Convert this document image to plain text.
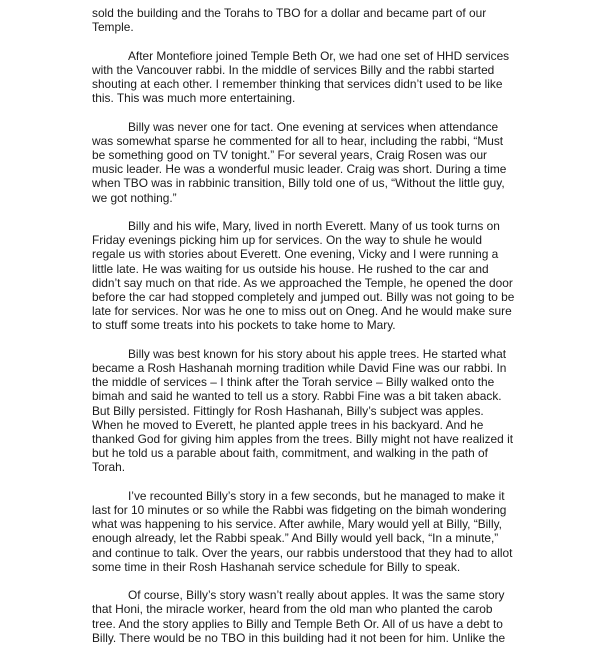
sold the building and the Torahs to TBO for a dollar and became part of our Temple.

After Montefiore joined Temple Beth Or, we had one set of HHD services with the Vancouver rabbi. In the middle of services Billy and the rabbi started shouting at each other. I remember thinking that services didn’t used to be like this. This was much more entertaining.

Billy was never one for tact. One evening at services when attendance was somewhat sparse he commented for all to hear, including the rabbi, “Must be something good on TV tonight.” For several years, Craig Rosen was our music leader. He was a wonderful music leader. Craig was short. During a time when TBO was in rabbinic transition, Billy told one of us, “Without the little guy, we got nothing.”

Billy and his wife, Mary, lived in north Everett. Many of us took turns on Friday evenings picking him up for services. On the way to shule he would regale us with stories about Everett. One evening, Vicky and I were running a little late. He was waiting for us outside his house. He rushed to the car and didn’t say much on that ride. As we approached the Temple, he opened the door before the car had stopped completely and jumped out. Billy was not going to be late for services. Nor was he one to miss out on Oneg. And he would make sure to stuff some treats into his pockets to take home to Mary.

Billy was best known for his story about his apple trees. He started what became a Rosh Hashanah morning tradition while David Fine was our rabbi. In the middle of services – I think after the Torah service – Billy walked onto the bimah and said he wanted to tell us a story. Rabbi Fine was a bit taken aback. But Billy persisted. Fittingly for Rosh Hashanah, Billy’s subject was apples. When he moved to Everett, he planted apple trees in his backyard. And he thanked God for giving him apples from the trees. Billy might not have realized it but he told us a parable about faith, commitment, and walking in the path of Torah.

I’ve recounted Billy’s story in a few seconds, but he managed to make it last for 10 minutes or so while the Rabbi was fidgeting on the bimah wondering what was happening to his service. After awhile, Mary would yell at Billy, “Billy, enough already, let the Rabbi speak.” And Billy would yell back, “In a minute,” and continue to talk. Over the years, our rabbis understood that they had to allot some time in their Rosh Hashanah service schedule for Billy to speak.

Of course, Billy’s story wasn’t really about apples. It was the same story that Honi, the miracle worker, heard from the old man who planted the carob tree. And the story applies to Billy and Temple Beth Or. All of us have a debt to Billy. There would be no TBO in this building had it not been for him. Unlike the
